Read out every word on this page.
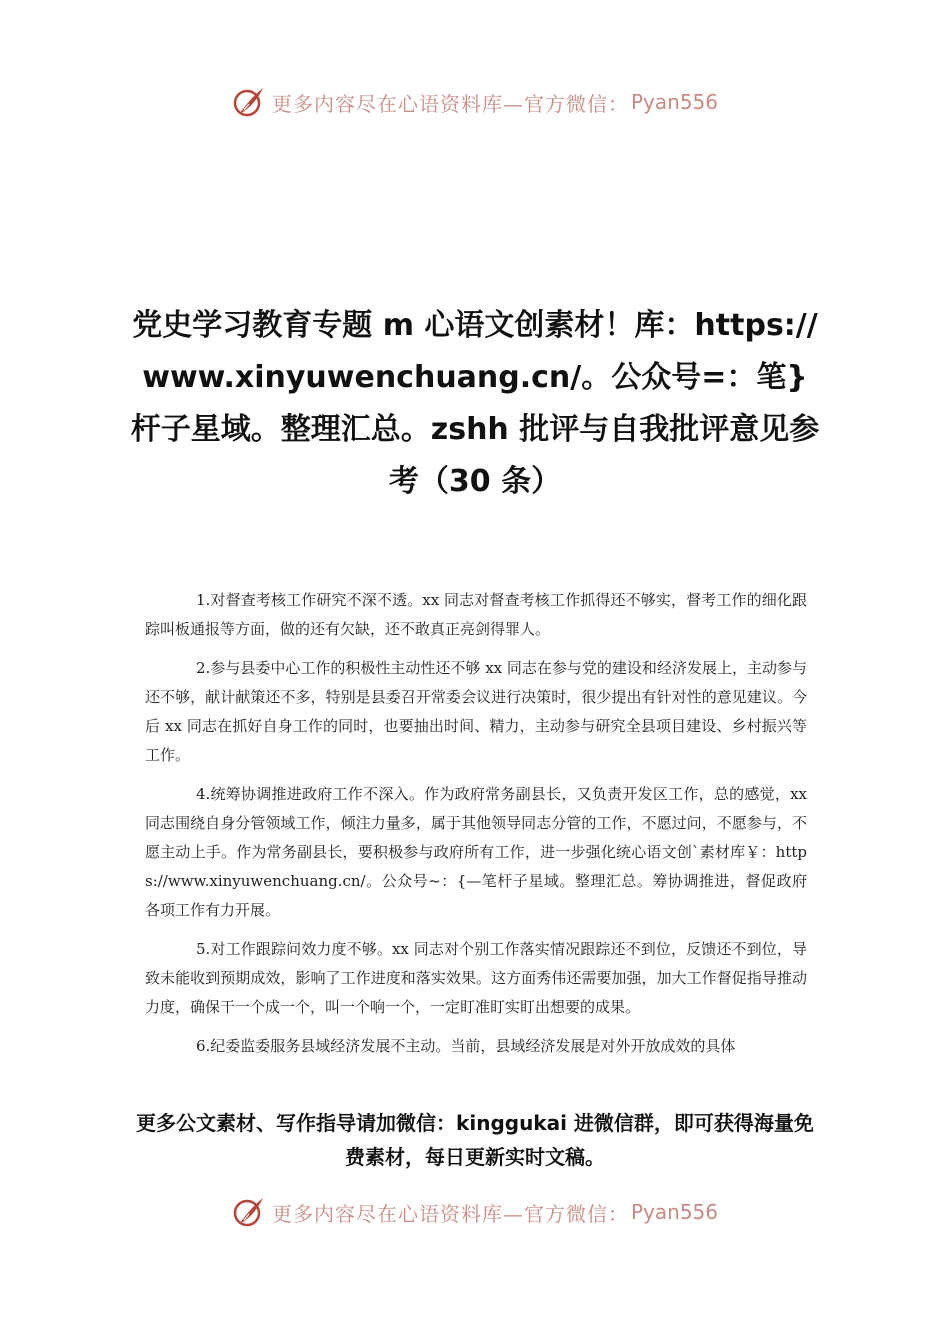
更多内容尽在心语资料库—官方微信： Pyan556
党史学习教育专题 m 心语文创素材！库：https://www.xinyuwenchuang.cn/。公众号=：笔}杆子星域。整理汇总。zshh 批评与自我批评意见参考（30 条）

1.对督查考核工作研究不深不透。xx 同志对督查考核工作抓得还不够实，督考工作的细化跟踪叫板通报等方面，做的还有欠缺，还不敢真正亮剑得罪人。

2.参与县委中心工作的积极性主动性还不够 xx 同志在参与党的建设和经济发展上，主动参与还不够，献计献策还不多，特别是县委召开常委会议进行决策时，很少提出有针对性的意见建议。今后 xx 同志在抓好自身工作的同时，也要抽出时间、精力，主动参与研究全县项目建设、乡村振兴等工作。

4.统筹协调推进政府工作不深入。作为政府常务副县长，又负责开发区工作，总的感觉，xx 同志围绕自身分管领域工作，倾注力量多，属于其他领导同志分管的工作，不愿过问，不愿参与，不愿主动上手。作为常务副县长，要积极参与政府所有工作，进一步强化统心语文创`素材库￥：https://www.xinyuwenchuang.cn/。公众号~：{—笔杆子星域。整理汇总。筹协调推进，督促政府各项工作有力开展。

5.对工作跟踪问效力度不够。xx 同志对个别工作落实情况跟踪还不到位，反馈还不到位，导致未能收到预期成效，影响了工作进度和落实效果。这方面秀伟还需要加强，加大工作督促指导推动力度，确保干一个成一个，叫一个响一个，一定盯准盯实盯出想要的成果。

6.纪委监委服务县域经济发展不主动。当前，县域经济发展是对外开放成效的具体

更多公文素材、写作指导请加微信：kinggukai 进微信群，即可获得海量免费素材，每日更新实时文稿。
更多内容尽在心语资料库—官方微信： Pyan556
